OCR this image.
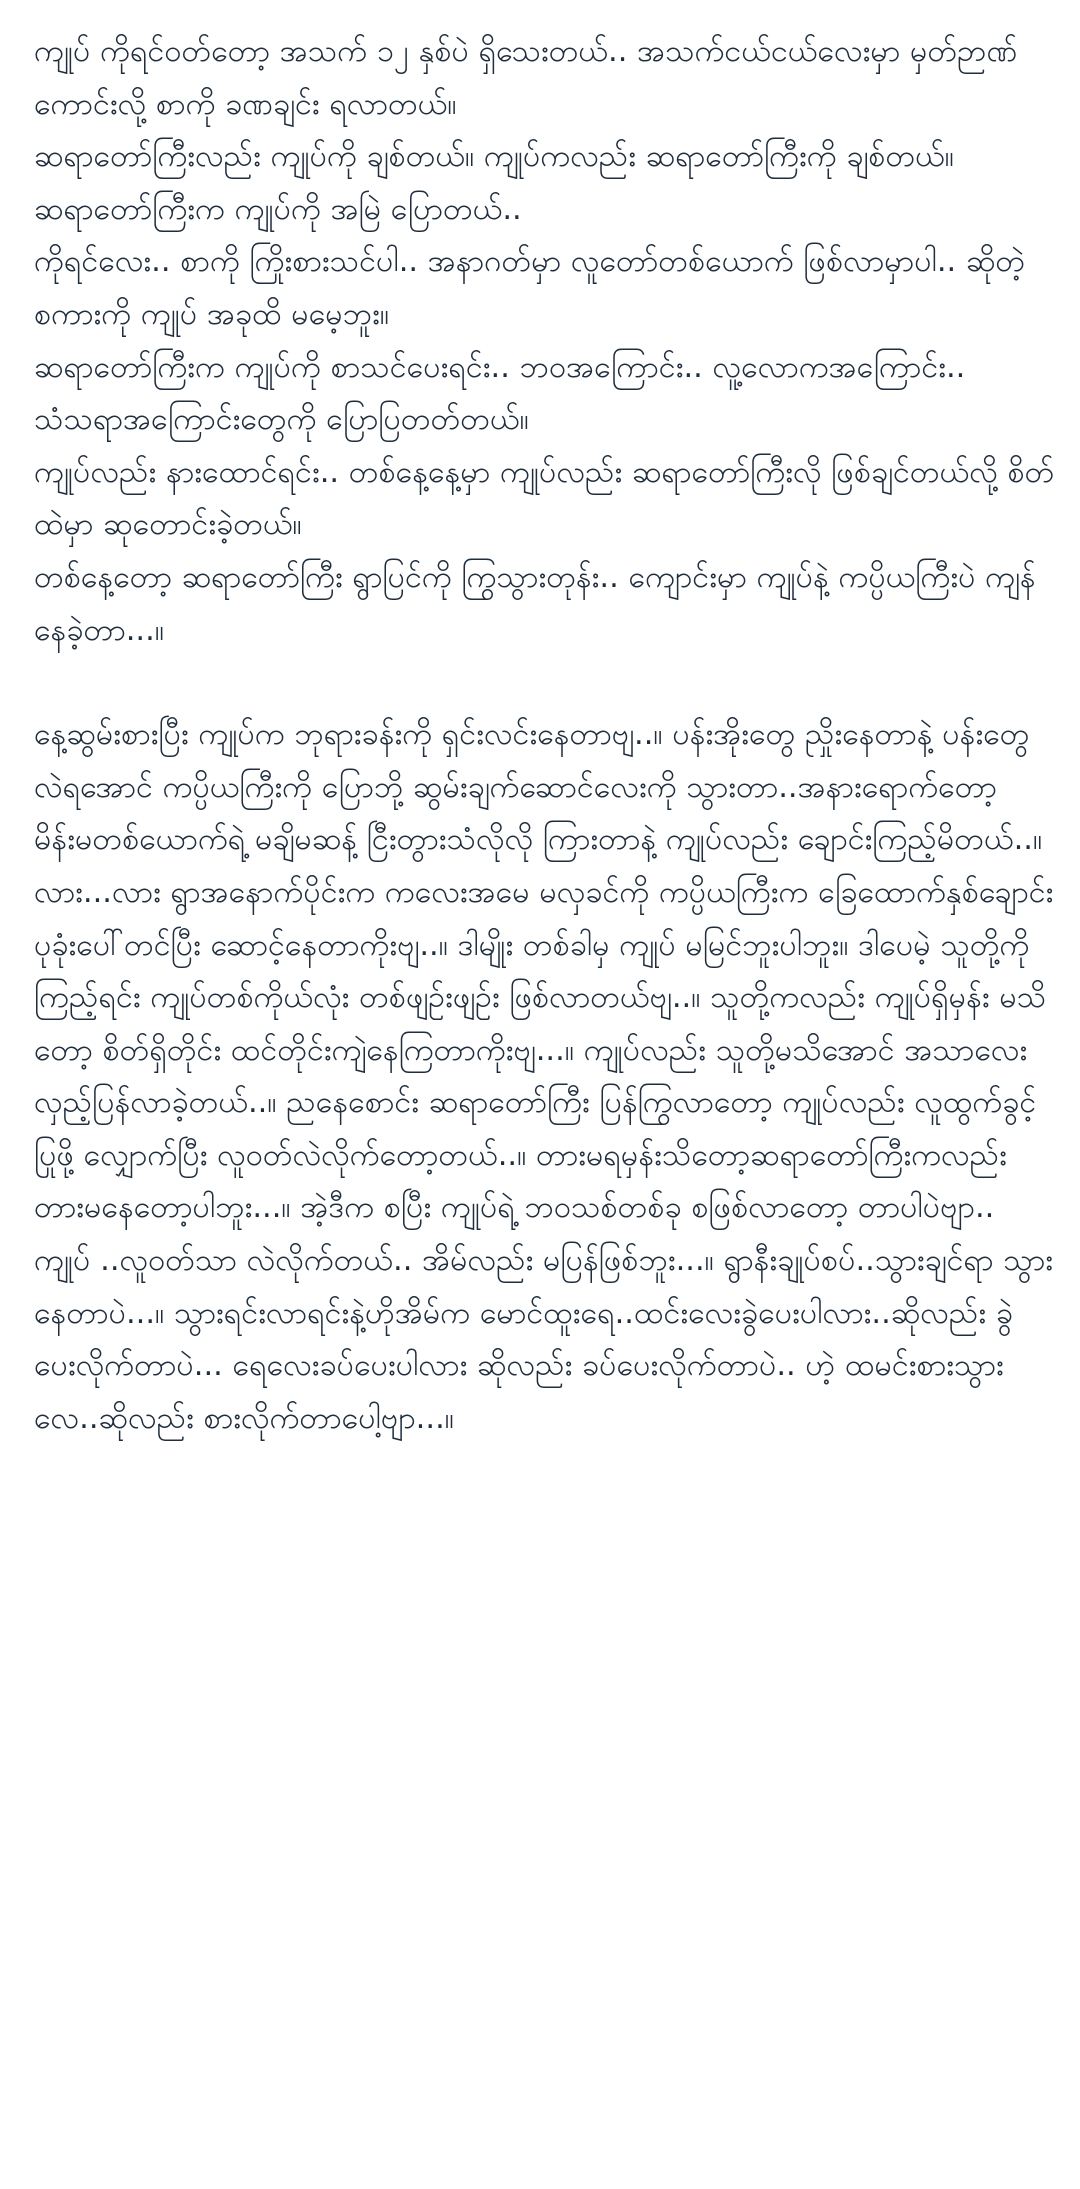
ကျုပ် ကိုရင်ဝတ်တော့ အသက် ၁၂ နှစ်ပဲ ရှိသေးတယ်.. အသက်ငယ်ငယ်လေးမှာ မှတ်ဉာဏ်ကောင်းလို့ စာကို ခဏချင်း ရလာတယ်။
ဆရာတော်ကြီးလည်း ကျုပ်ကို ချစ်တယ်။ ကျုပ်ကလည်း ဆရာတော်ကြီးကို ချစ်တယ်။ ဆရာတော်ကြီးက ကျုပ်ကို အမြဲ ပြောတယ်..
ကိုရင်လေး.. စာကို ကြိုးစားသင်ပါ.. အနာဂတ်မှာ လူတော်တစ်ယောက် ဖြစ်လာမှာပါ.. ဆိုတဲ့ စကားကို ကျုပ် အခုထိ မမေ့ဘူး။
ဆရာတော်ကြီးက ကျုပ်ကို စာသင်ပေးရင်း.. ဘဝအကြောင်း.. လူ့လောကအကြောင်း.. သံသရာအကြောင်းတွေကို ပြောပြတတ်တယ်။
ကျုပ်လည်း နားထောင်ရင်း.. တစ်နေ့နေ့မှာ ကျုပ်လည်း ဆရာတော်ကြီးလို ဖြစ်ချင်တယ်လို့ စိတ်ထဲမှာ ဆုတောင်းခဲ့တယ်။
တစ်နေ့တော့ ဆရာတော်ကြီး ရွာပြင်ကို ကြွသွားတုန်း.. ကျောင်းမှာ ကျုပ်နဲ့ ကပ္ပိယကြီးပဲ ကျန်နေခဲ့တာ...။

နေ့ဆွမ်းစားပြီး ကျုပ်က ဘုရားခန်းကို ရှင်းလင်းနေတာဗျ..။ ပန်းအိုးတွေ ညှိုးနေတာနဲ့ ပန်းတွေ လဲရအောင် ကပ္ပိယကြီးကို ပြောဘို့ ဆွမ်းချက်ဆောင်လေးကို သွားတာ..အနားရောက်တော့ မိန်းမတစ်ယောက်ရဲ့ မချိမဆန့် ငြီးတွားသံလိုလို ကြားတာနဲ့ ကျုပ်လည်း ချောင်းကြည့်မိတယ်..။ လား...လား ရွာအနောက်ပိုင်းက ကလေးအမေ မလှခင်ကို ကပ္ပိယကြီးက ခြေထောက်နှစ်ချောင်း ပုခုံးပေါ်တင်ပြီး ဆောင့်နေတာကိုးဗျ..။ ဒါမျိုး တစ်ခါမှ ကျုပ် မမြင်ဘူးပါဘူး။ ဒါပေမဲ့ သူတို့ကို ကြည့်ရင်း ကျုပ်တစ်ကိုယ်လုံး တစ်ဖျဉ်းဖျဉ်း ဖြစ်လာတယ်ဗျ..။ သူတို့ကလည်း ကျုပ်ရှိမှန်း မသိတော့ စိတ်ရှိတိုင်း ထင်တိုင်းကျဲနေကြတာကိုးဗျ...။ ကျုပ်လည်း သူတို့မသိအောင် အသာလေး လှည့်ပြန်လာခဲ့တယ်..။ ညနေစောင်း ဆရာတော်ကြီး ပြန်ကြွလာတော့ ကျုပ်လည်း လူထွက်ခွင့်ပြုဖို့ လျှောက်ပြီး လူဝတ်လဲလိုက်တော့တယ်..။ တားမရမှန်းသိတော့ဆရာတော်ကြီးကလည်း တားမနေတော့ပါဘူး...။ အဲ့ဒီက စပြီး ကျုပ်ရဲ့ ဘဝသစ်တစ်ခု စဖြစ်လာတော့ တာပါပဲဗျာ.. ကျုပ် ..လူဝတ်သာ လဲလိုက်တယ်.. အိမ်လည်း မပြန်ဖြစ်ဘူး...။ ရွာနီးချုပ်စပ်..သွားချင်ရာ သွားနေတာပဲ...။ သွားရင်းလာရင်းနဲ့ဟိုအိမ်က မောင်ထူးရေ..ထင်းလေးခွဲပေးပါလား..ဆိုလည်း ခွဲပေးလိုက်တာပဲ... ရေလေးခပ်ပေးပါလား ဆိုလည်း ခပ်ပေးလိုက်တာပဲ.. ဟဲ့ ထမင်းစားသွားလေ..ဆိုလည်း စားလိုက်တာပေါ့ဗျာ...။
